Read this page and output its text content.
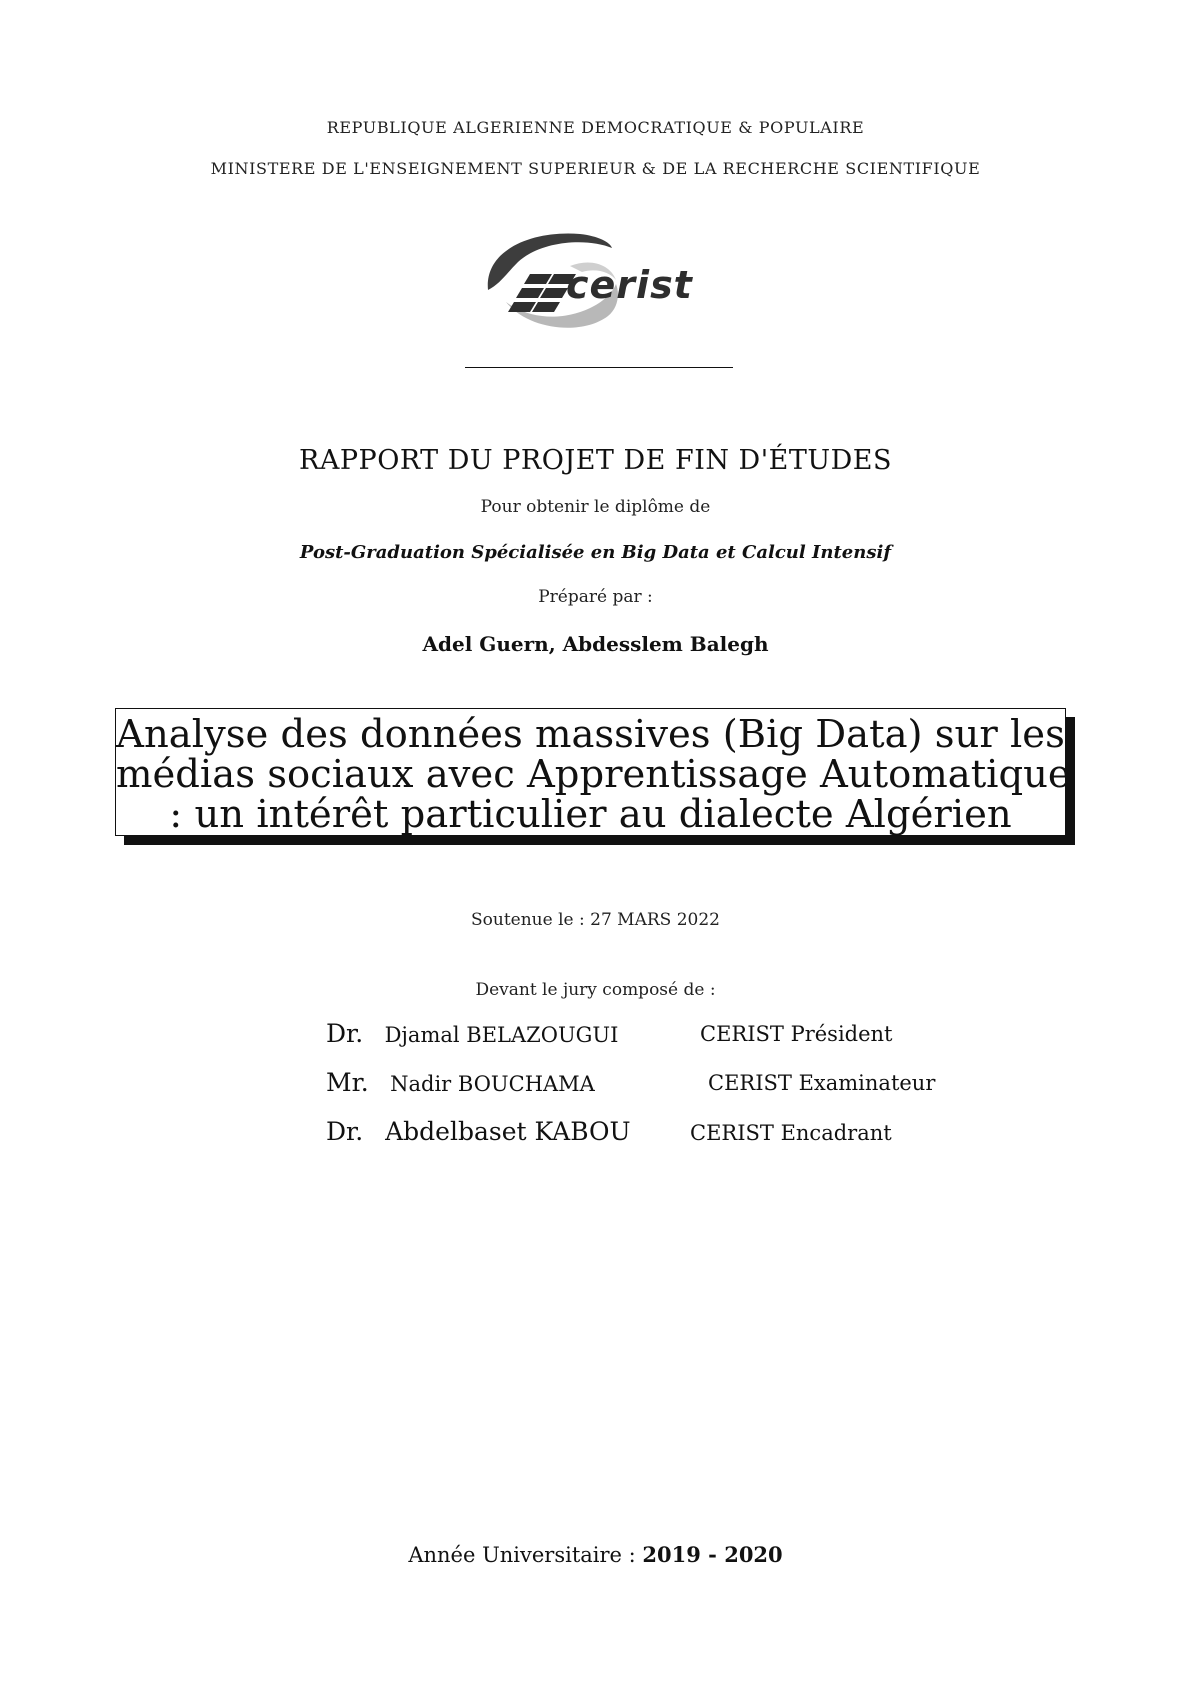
REPUBLIQUE ALGERIENNE DEMOCRATIQUE & POPULAIRE
MINISTERE DE L'ENSEIGNEMENT SUPERIEUR & DE LA RECHERCHE SCIENTIFIQUE
cerist
RAPPORT DU PROJET DE FIN D'ÉTUDES
Pour obtenir le diplôme de
Post-Graduation Spécialisée en Big Data et Calcul Intensif
Préparé par :
Adel Guern, Abdesslem Balegh
Analyse des données massives (Big Data) sur les
médias sociaux avec Apprentissage Automatique
: un intérêt particulier au dialecte Algérien
Soutenue le : 27 MARS 2022
Devant le jury composé de :
Dr. Djamal BELAZOUGUI	CERIST Président
Mr. Nadir BOUCHAMA	CERIST Examinateur
Dr. Abdelbaset KABOU	CERIST Encadrant
Année Universitaire : 2019 - 2020
